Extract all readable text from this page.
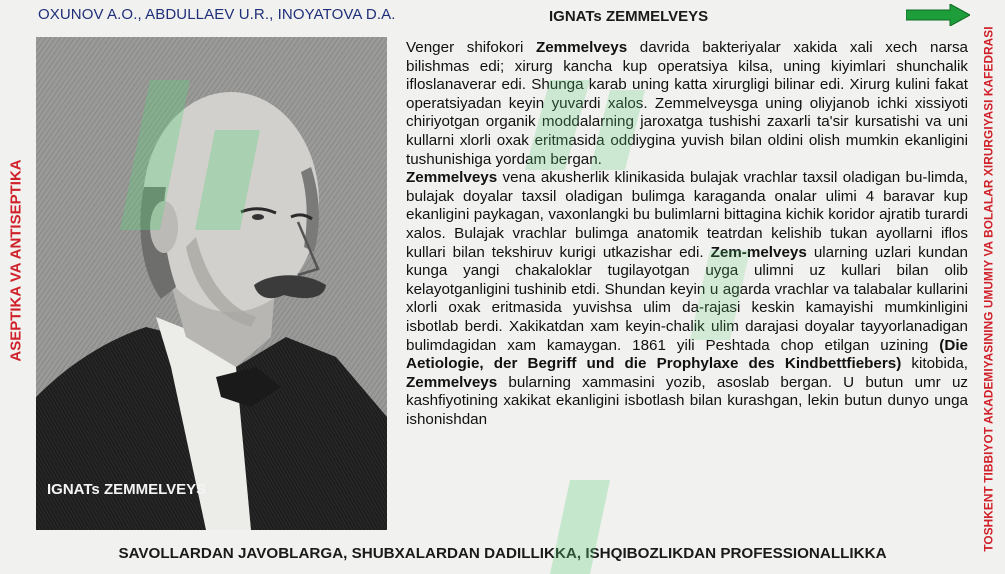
OXUNOV A.O., ABDULLAEV U.R., INOYATOVA D.A.	IGNATs ZEMMELVEYS
ASEPTIKA VA ANTISEPTIKA
IGNATs ZEMMELVEYS

Venger shifokori Zemmelveys davrida bakteriyalar xakida xali xech narsa bilishmas edi; xirurg kancha kup operatsiya kilsa, uning kiyimlari shunchalik ifloslanaverar edi. Shunga karab uning katta xirurgligi bilinar edi. Xirurg kulini fakat operatsiyadan keyin yuvardi xalos. Zemmelveysga uning oliyjanob ichki xissiyoti chiriyotgan organik moddalarning jaroxatga tushishi zaxarli ta'sir kursatishi va uni kullarni xlorli oxak eritmasida oddiygina yuvish bilan oldini olish mumkin ekanligini tushunishiga yordam bergan.

Zemmelveys vena akusherlik klinikasida bulajak vrachlar taxsil oladigan bu-limda, bulajak doyalar taxsil oladigan bulimga karaganda onalar ulimi 4 baravar kup ekanligini paykagan, vaxonlangki bu bulimlarni bittagina kichik koridor ajratib turardi xalos. Bulajak vrachlar bulimga anatomik teatrdan kelishib tukan ayollarni iflos kullari bilan tekshiruv kurigi utkazishar edi. Zem-melveys ularning uzlari kundan kunga yangi chakaloklar tugilayotgan uyga ulimni uz kullari bilan olib kelayotganligini tushinib etdi. Shundan keyin u agarda vrachlar va talabalar kullarini xlorli oxak eritmasida yuvishsa ulim da-rajasi keskin kamayishi mumkinligini isbotlab berdi. Xakikatdan xam keyin-chalik ulim darajasi doyalar tayyorlanadigan bulimdagidan xam kamaygan. 1861 yili Peshtada chop etilgan uzining (Die Aetiologie, der Begriff und die Prophylaxe des Kindbettfiebers) kitobida, Zemmelveys bularning xammasini yozib, asoslab bergan. U butun umr uz kashfiyotining xakikat ekanligini isbotlash bilan kurashgan, lekin butun dunyo unga ishonishdan	TOSHKENT TIBBIYOT AKADEMIYASINING UMUMIY VA BOLALAR XIRURGIYASI KAFEDRASI
SAVOLLARDAN JAVOBLARGA, SHUBXALARDAN DADILLIKKA, ISHQIBOZLIKDAN PROFESSIONALLIKKA
